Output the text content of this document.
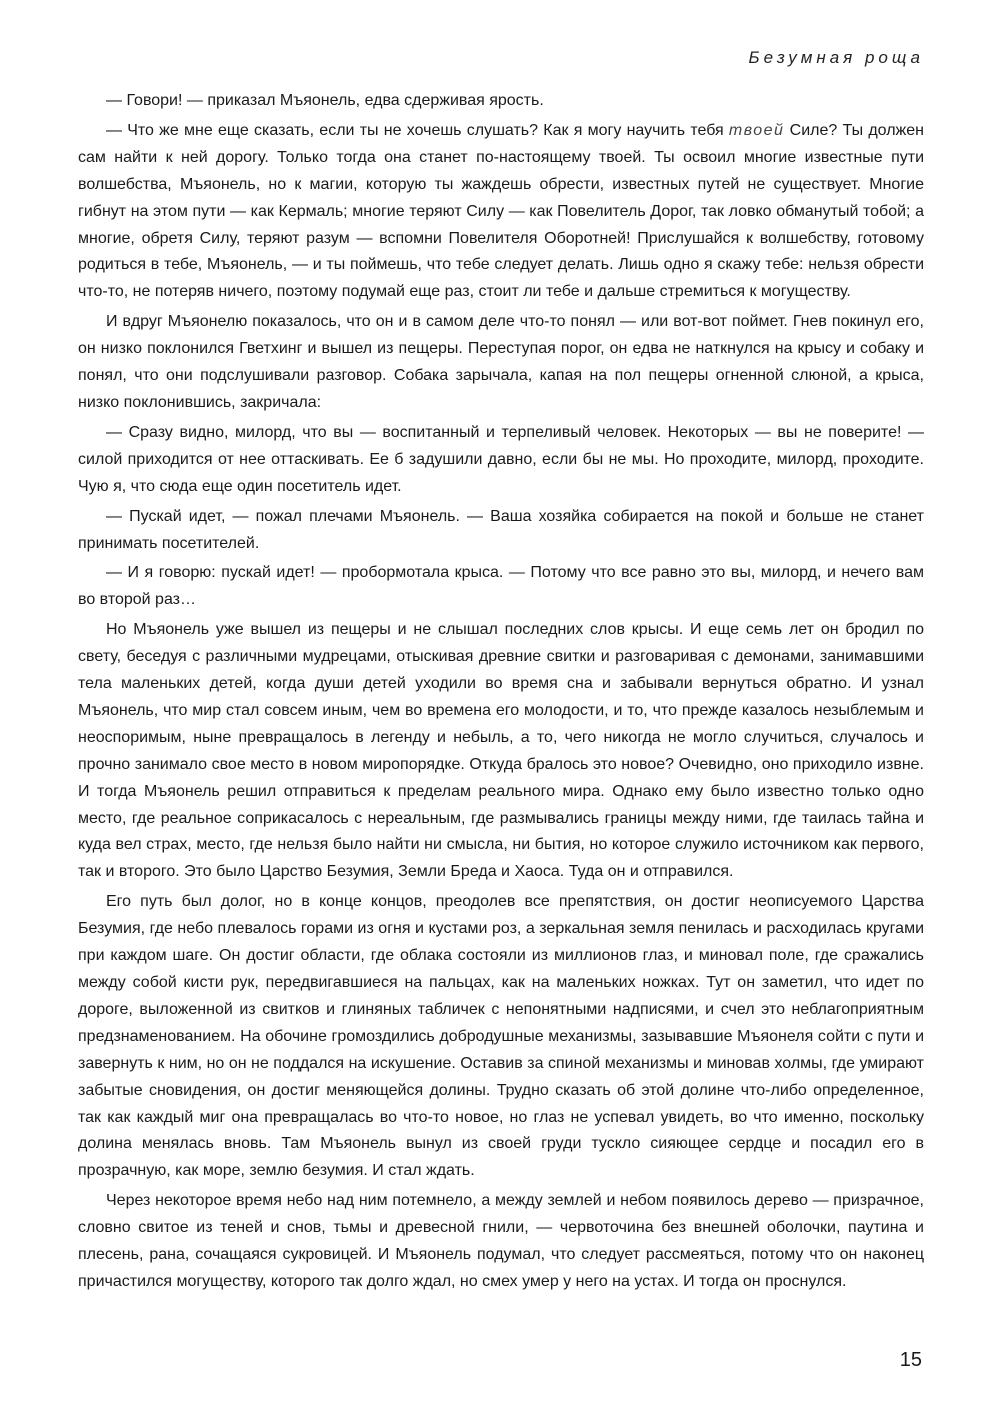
Безумная роща

— Говори! — приказал Мъяонель, едва сдерживая ярость.

— Что же мне еще сказать, если ты не хочешь слушать? Как я могу научить тебя твоей Силе? Ты должен сам найти к ней дорогу. Только тогда она станет по-настоящему твоей. Ты освоил многие известные пути волшебства, Мъяонель, но к магии, которую ты жаждешь обрести, известных путей не существует. Многие гибнут на этом пути — как Кермаль; многие теряют Силу — как Повелитель Дорог, так ловко обманутый тобой; а многие, обретя Силу, теряют разум — вспомни Повелителя Оборотней! Прислушайся к волшебству, готовому родиться в тебе, Мъяонель, — и ты поймешь, что тебе следует делать. Лишь одно я скажу тебе: нельзя обрести что-то, не потеряв ничего, поэтому подумай еще раз, стоит ли тебе и дальше стремиться к могуществу.

И вдруг Мъяонелю показалось, что он и в самом деле что-то понял — или вот-вот поймет. Гнев покинул его, он низко поклонился Гветхинг и вышел из пещеры. Переступая порог, он едва не наткнулся на крысу и собаку и понял, что они подслушивали разговор. Собака зарычала, капая на пол пещеры огненной слюной, а крыса, низко поклонившись, закричала:

— Сразу видно, милорд, что вы — воспитанный и терпеливый человек. Некоторых — вы не поверите! — силой приходится от нее оттаскивать. Ее б задушили давно, если бы не мы. Но проходите, милорд, проходите. Чую я, что сюда еще один посетитель идет.

— Пускай идет, — пожал плечами Мъяонель. — Ваша хозяйка собирается на покой и больше не станет принимать посетителей.

— И я говорю: пускай идет! — пробормотала крыса. — Потому что все равно это вы, милорд, и нечего вам во второй раз…

Но Мъяонель уже вышел из пещеры и не слышал последних слов крысы. И еще семь лет он бродил по свету, беседуя с различными мудрецами, отыскивая древние свитки и разговаривая с демонами, занимавшими тела маленьких детей, когда души детей уходили во время сна и забывали вернуться обратно. И узнал Мъяонель, что мир стал совсем иным, чем во времена его молодости, и то, что прежде казалось незыблемым и неоспоримым, ныне превращалось в легенду и небыль, а то, чего никогда не могло случиться, случалось и прочно занимало свое место в новом миропорядке. Откуда бралось это новое? Очевидно, оно приходило извне. И тогда Мъяонель решил отправиться к пределам реального мира. Однако ему было известно только одно место, где реальное соприкасалось с нереальным, где размывались границы между ними, где таилась тайна и куда вел страх, место, где нельзя было найти ни смысла, ни бытия, но которое служило источником как первого, так и второго. Это было Царство Безумия, Земли Бреда и Хаоса. Туда он и отправился.

Его путь был долог, но в конце концов, преодолев все препятствия, он достиг неописуемого Царства Безумия, где небо плевалось горами из огня и кустами роз, а зеркальная земля пенилась и расходилась кругами при каждом шаге. Он достиг области, где облака состояли из миллионов глаз, и миновал поле, где сражались между собой кисти рук, передвигавшиеся на пальцах, как на маленьких ножках. Тут он заметил, что идет по дороге, выложенной из свитков и глиняных табличек с непонятными надписями, и счел это неблагоприятным предзнаменованием. На обочине громоздились добродушные механизмы, зазывавшие Мъяонеля сойти с пути и завернуть к ним, но он не поддался на искушение. Оставив за спиной механизмы и миновав холмы, где умирают забытые сновидения, он достиг меняющейся долины. Трудно сказать об этой долине что-либо определенное, так как каждый миг она превращалась во что-то новое, но глаз не успевал увидеть, во что именно, поскольку долина менялась вновь. Там Мъяонель вынул из своей груди тускло сияющее сердце и посадил его в прозрачную, как море, землю безумия. И стал ждать.

Через некоторое время небо над ним потемнело, а между землей и небом появилось дерево — призрачное, словно свитое из теней и снов, тьмы и древесной гнили, — червоточина без внешней оболочки, паутина и плесень, рана, сочащаяся сукровицей. И Мъяонель подумал, что следует рассмеяться, потому что он наконец причастился могуществу, которого так долго ждал, но смех умер у него на устах. И тогда он проснулся.

15
